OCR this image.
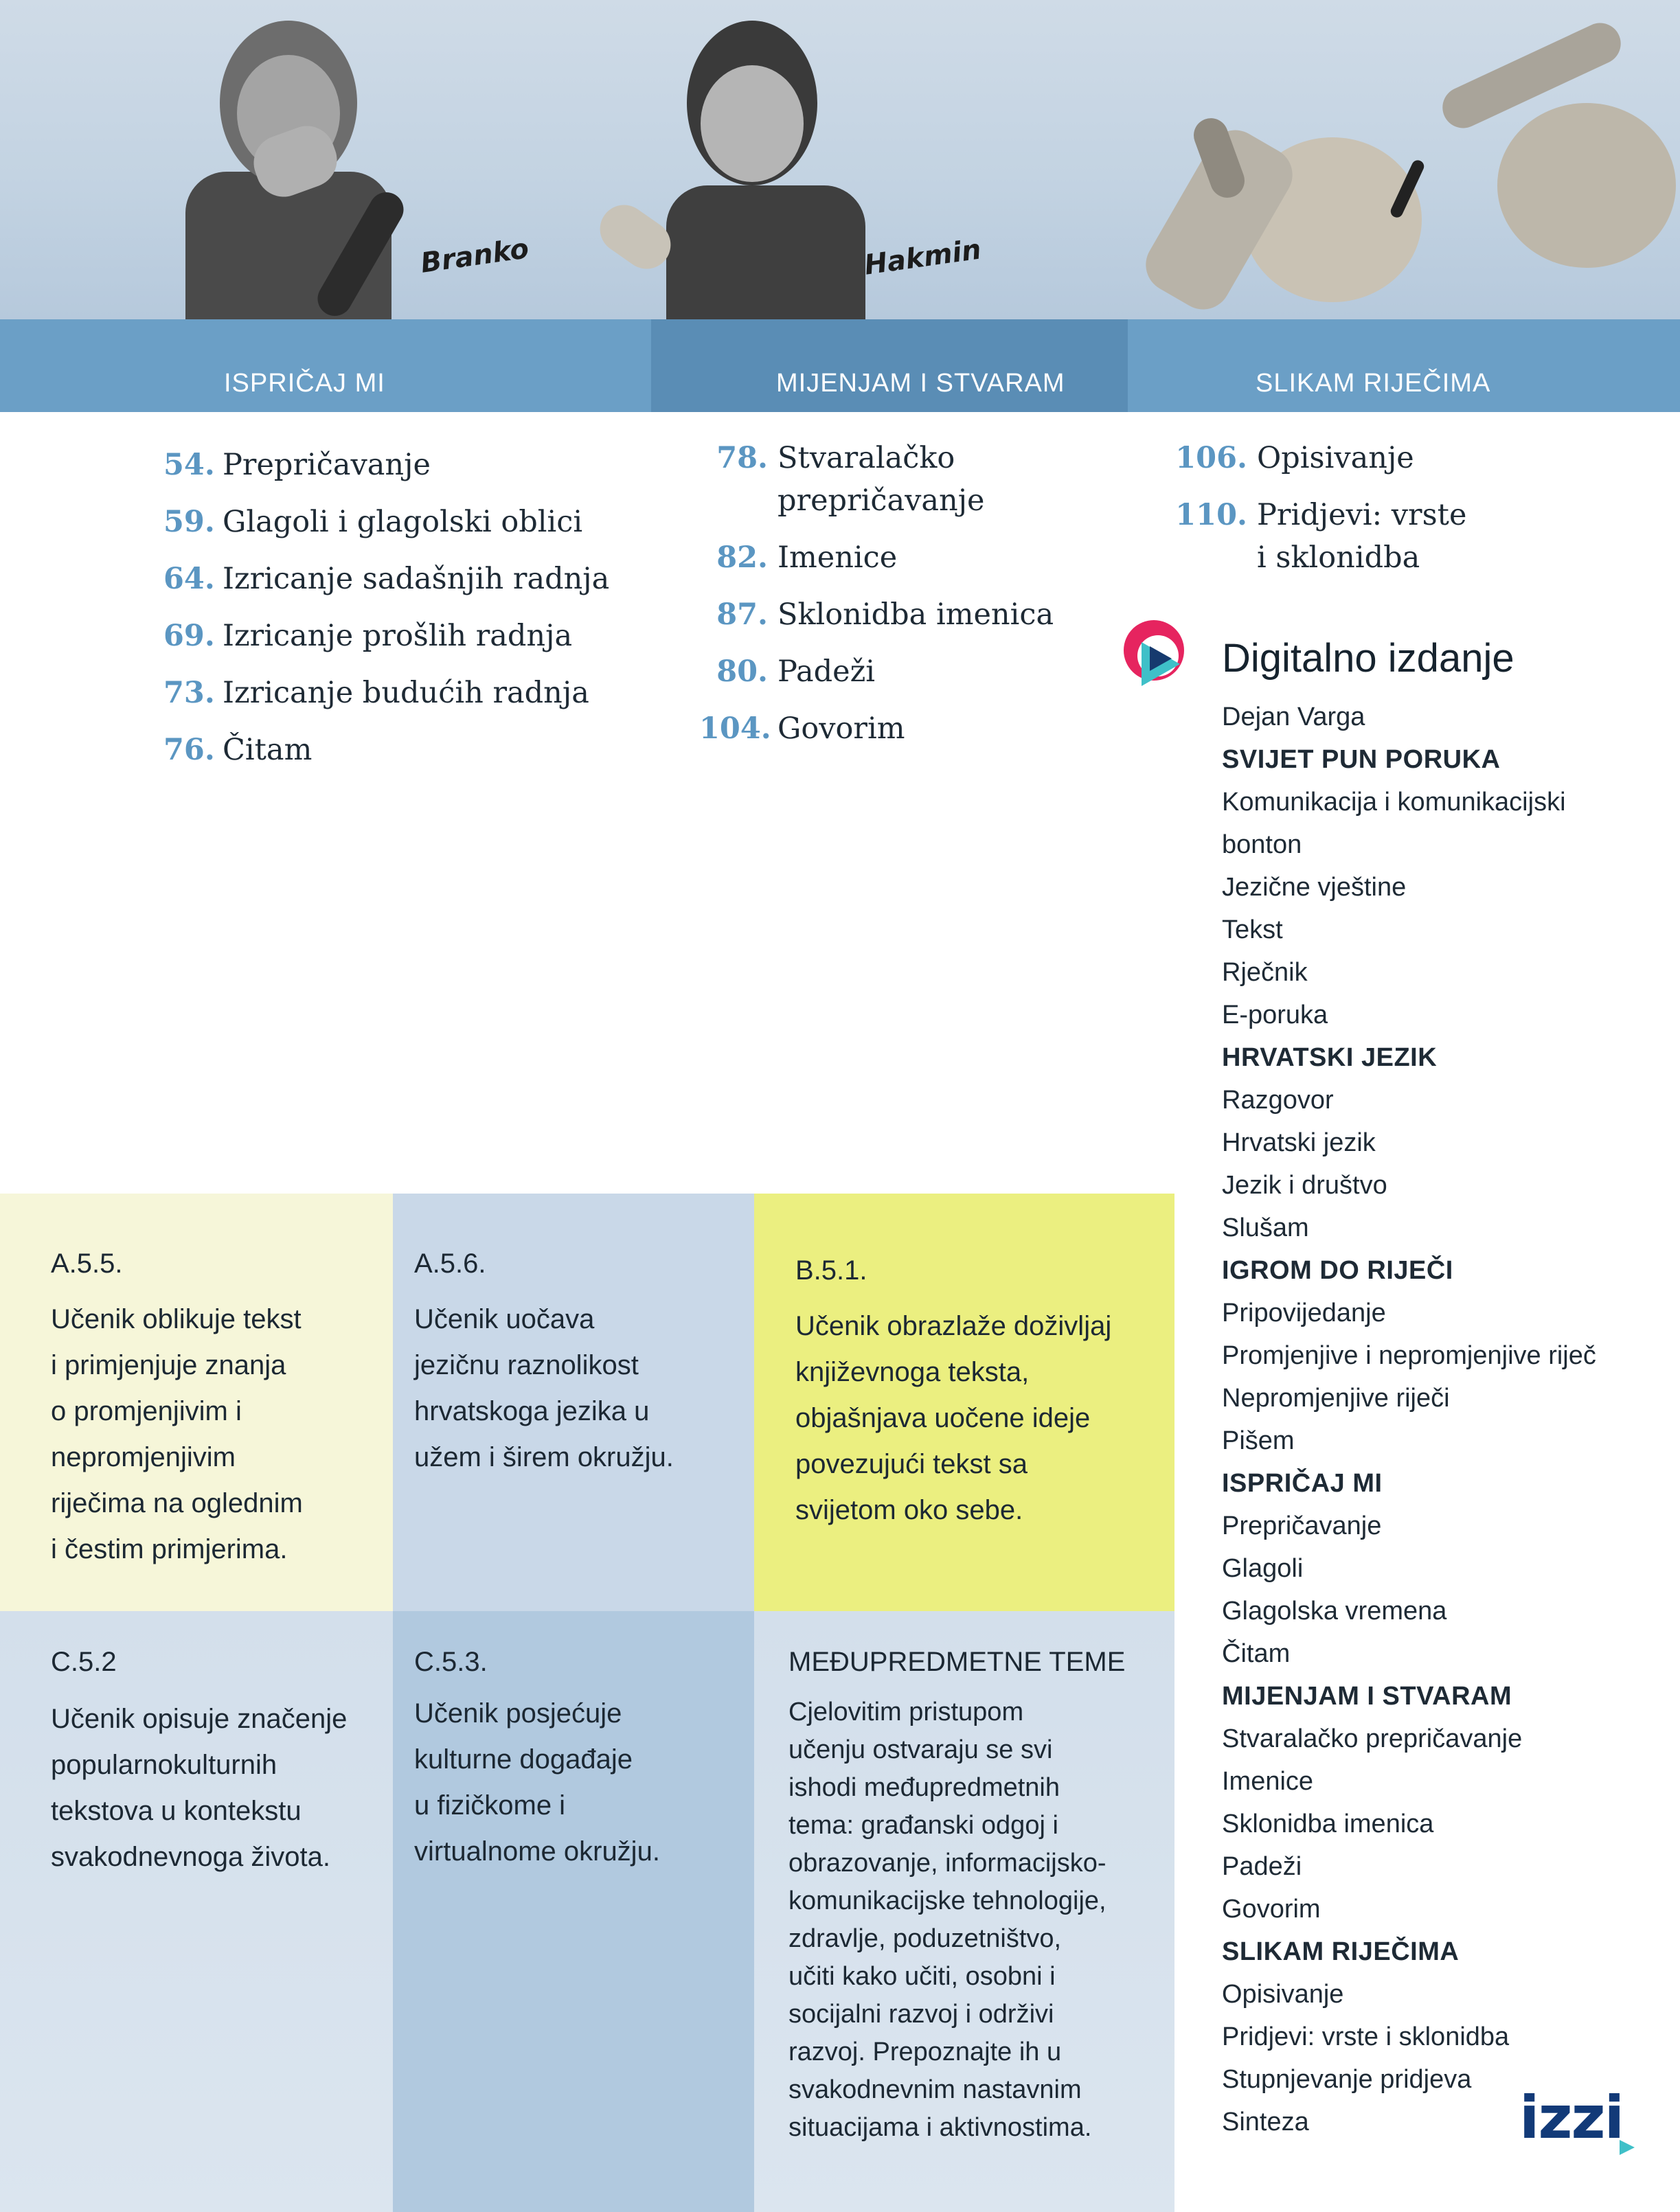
Branko	Hakmin
ISPRIČAJ MI	MIJENJAM I STVARAM	SLIKAM RIJEČIMA
54. Prepričavanje
59. Glagoli i glagolski oblici
64. Izricanje sadašnjih radnja
69. Izricanje prošlih radnja
73. Izricanje budućih radnja
76. Čitam
78. Stvaralačko prepričavanje
82. Imenice
87. Sklonidba imenica
80. Padeži
104. Govorim
106. Opisivanje
110. Pridjevi: vrste i sklonidba
A.5.5.
Učenik oblikuje tekst
i primjenjuje znanja
o promjenjivim i
nepromjenjivim
riječima na oglednim
i čestim primjerima.
A.5.6.
Učenik uočava
jezičnu raznolikost
hrvatskoga jezika u
užem i širem okružju.
B.5.1.
Učenik obrazlaže doživljaj
književnoga teksta,
objašnjava uočene ideje
povezujući tekst sa
svijetom oko sebe.
C.5.2
Učenik opisuje značenje
popularnokulturnih
tekstova u kontekstu
svakodnevnoga života.
C.5.3.
Učenik posjećuje
kulturne događaje
u fizičkome i
virtualnome okružju.
MEĐUPREDMETNE TEME
Cjelovitim pristupom
učenju ostvaraju se svi
ishodi međupredmetnih
tema: građanski odgoj i
obrazovanje, informacijsko-
komunikacijske tehnologije,
zdravlje, poduzetništvo,
učiti kako učiti, osobni i
socijalni razvoj i održivi
razvoj. Prepoznajte ih u
svakodnevnim nastavnim
situacijama i aktivnostima.
Digitalno izdanje
Dejan Varga
SVIJET PUN PORUKA
Komunikacija i komunikacijski
bonton
Jezične vještine
Tekst
Rječnik
E-poruka
HRVATSKI JEZIK
Razgovor
Hrvatski jezik
Jezik i društvo
Slušam
IGROM DO RIJEČI
Pripovijedanje
Promjenjive i nepromjenjive riječ
Nepromjenjive riječi
Pišem
ISPRIČAJ MI
Prepričavanje
Glagoli
Glagolska vremena
Čitam
MIJENJAM I STVARAM
Stvaralačko prepričavanje
Imenice
Sklonidba imenica
Padeži
Govorim
SLIKAM RIJEČIMA
Opisivanje
Pridjevi: vrste i sklonidba
Stupnjevanje pridjeva
Sinteza	izzi
